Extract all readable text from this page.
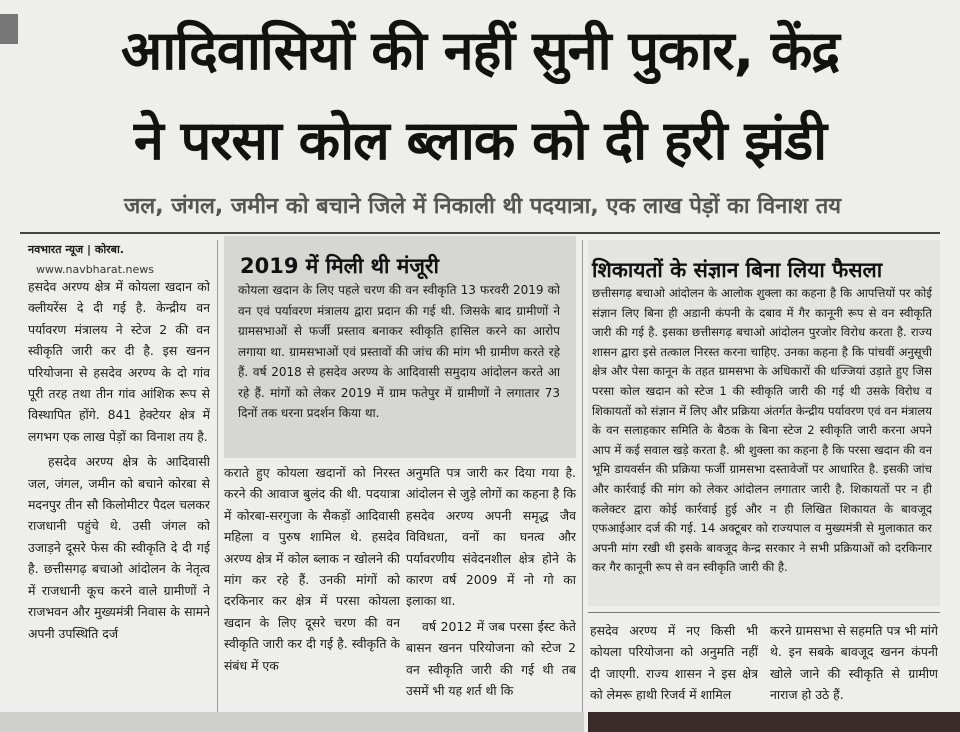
आदिवासियों की नहीं सुनी पुकार, केंद्र
ने परसा कोल ब्लाक को दी हरी झंडी
जल, जंगल, जमीन को बचाने जिले में निकाली थी पदयात्रा, एक लाख पेड़ों का विनाश तय
नवभारत न्यूज | कोरबा.
www.navbharat.news

हसदेव अरण्य क्षेत्र में कोयला खदान को क्लीयरेंस दे दी गई है. केन्द्रीय वन पर्यावरण मंत्रालय ने स्टेज 2 की वन स्वीकृति जारी कर दी है. इस खनन परियोजना से हसदेव अरण्य के दो गांव पूरी तरह तथा तीन गांव आंशिक रूप से विस्थापित होंगे. 841 हेक्टेयर क्षेत्र में लगभग एक लाख पेड़ों का विनाश तय है.

हसदेव अरण्य क्षेत्र के आदिवासी जल, जंगल, जमीन को बचाने कोरबा से मदनपुर तीन सौ किलोमीटर पैदल चलकर राजधानी पहुंचे थे. उसी जंगल को उजाड़ने दूसरे फेस की स्वीकृति दे दी गई है. छत्तीसगढ़ बचाओ आंदोलन के नेतृत्व में राजधानी कूच करने वाले ग्रामीणों ने राजभवन और मुख्यमंत्री निवास के सामने अपनी उपस्थिति दर्ज

2019 में मिली थी मंजूरी

कोयला खदान के लिए पहले चरण की वन स्वीकृति 13 फरवरी 2019 को वन एवं पर्यावरण मंत्रालय द्वारा प्रदान की गई थी. जिसके बाद ग्रामीणों ने ग्रामसभाओं से फर्जी प्रस्ताव बनाकर स्वीकृति हासिल करने का आरोप लगाया था. ग्रामसभाओं एवं प्रस्तावों की जांच की मांग भी ग्रामीण करते रहे हैं. वर्ष 2018 से हसदेव अरण्य के आदिवासी समुदाय आंदोलन करते आ रहे हैं. मांगों को लेकर 2019 में ग्राम फतेपुर में ग्रामीणों ने लगातार 73 दिनों तक धरना प्रदर्शन किया था.

कराते हुए कोयला खदानों को निरस्त करने की आवाज बुलंद की थी. पदयात्रा में कोरबा-सरगुजा के सैकड़ों आदिवासी महिला व पुरुष शामिल थे. हसदेव अरण्य क्षेत्र में कोल ब्लाक न खोलने की मांग कर रहे हैं. उनकी मांगों को दरकिनार कर क्षेत्र में परसा कोयला खदान के लिए दूसरे चरण की वन स्वीकृति जारी कर दी गई है. स्वीकृति के संबंध में एक

अनुमति पत्र जारी कर दिया गया है. आंदोलन से जुड़े लोगों का कहना है कि हसदेव अरण्य अपनी समृद्ध जैव विविधता, वनों का घनत्व और पर्यावरणीय संवेदनशील क्षेत्र होने के कारण वर्ष 2009 में नो गो का इलाका था.

वर्ष 2012 में जब परसा ईस्ट केते बासन खनन परियोजना को स्टेज 2 वन स्वीकृति जारी की गई थी तब उसमें भी यह शर्त थी कि

शिकायतों के संज्ञान बिना लिया फैसला

छत्तीसगढ़ बचाओ आंदोलन के आलोक शुक्ला का कहना है कि आपत्तियों पर कोई संज्ञान लिए बिना ही अडानी कंपनी के दबाव में गैर कानूनी रूप से वन स्वीकृति जारी की गई है. इसका छत्तीसगढ़ बचाओ आंदोलन पुरजोर विरोध करता है. राज्य शासन द्वारा इसे तत्काल निरस्त करना चाहिए. उनका कहना है कि पांचवीं अनुसूची क्षेत्र और पेसा कानून के तहत ग्रामसभा के अधिकारों की धज्जियां उड़ाते हुए जिस परसा कोल खदान को स्टेज 1 की स्वीकृति जारी की गई थी उसके विरोध व शिकायतों को संज्ञान में लिए और प्रक्रिया अंतर्गत केन्द्रीय पर्यावरण एवं वन मंत्रालय के वन सलाहकार समिति के बैठक के बिना स्टेज 2 स्वीकृति जारी करना अपने आप में कई सवाल खड़े करता है. श्री शुक्ला का कहना है कि परसा खदान की वन भूमि डायवर्सन की प्रक्रिया फर्जी ग्रामसभा दस्तावेजों पर आधारित है. इसकी जांच और कार्रवाई की मांग को लेकर आंदोलन लगातार जारी है. शिकायतों पर न ही कलेक्टर द्वारा कोई कार्रवाई हुई और न ही लिखित शिकायत के बावजूद एफआईआर दर्ज की गई. 14 अक्टूबर को राज्यपाल व मुख्यमंत्री से मुलाकात कर अपनी मांग रखी थी इसके बावजूद केन्द्र सरकार ने सभी प्रक्रियाओं को दरकिनार कर गैर कानूनी रूप से वन स्वीकृति जारी की है.

हसदेव अरण्य में नए किसी भी कोयला परियोजना को अनुमति नहीं दी जाएगी. राज्य शासन ने इस क्षेत्र को लेमरू हाथी रिजर्व में शामिल

करने ग्रामसभा से सहमति पत्र भी मांगे थे. इन सबके बावजूद खनन कंपनी खोले जाने की स्वीकृति से ग्रामीण नाराज हो उठे हैं.
